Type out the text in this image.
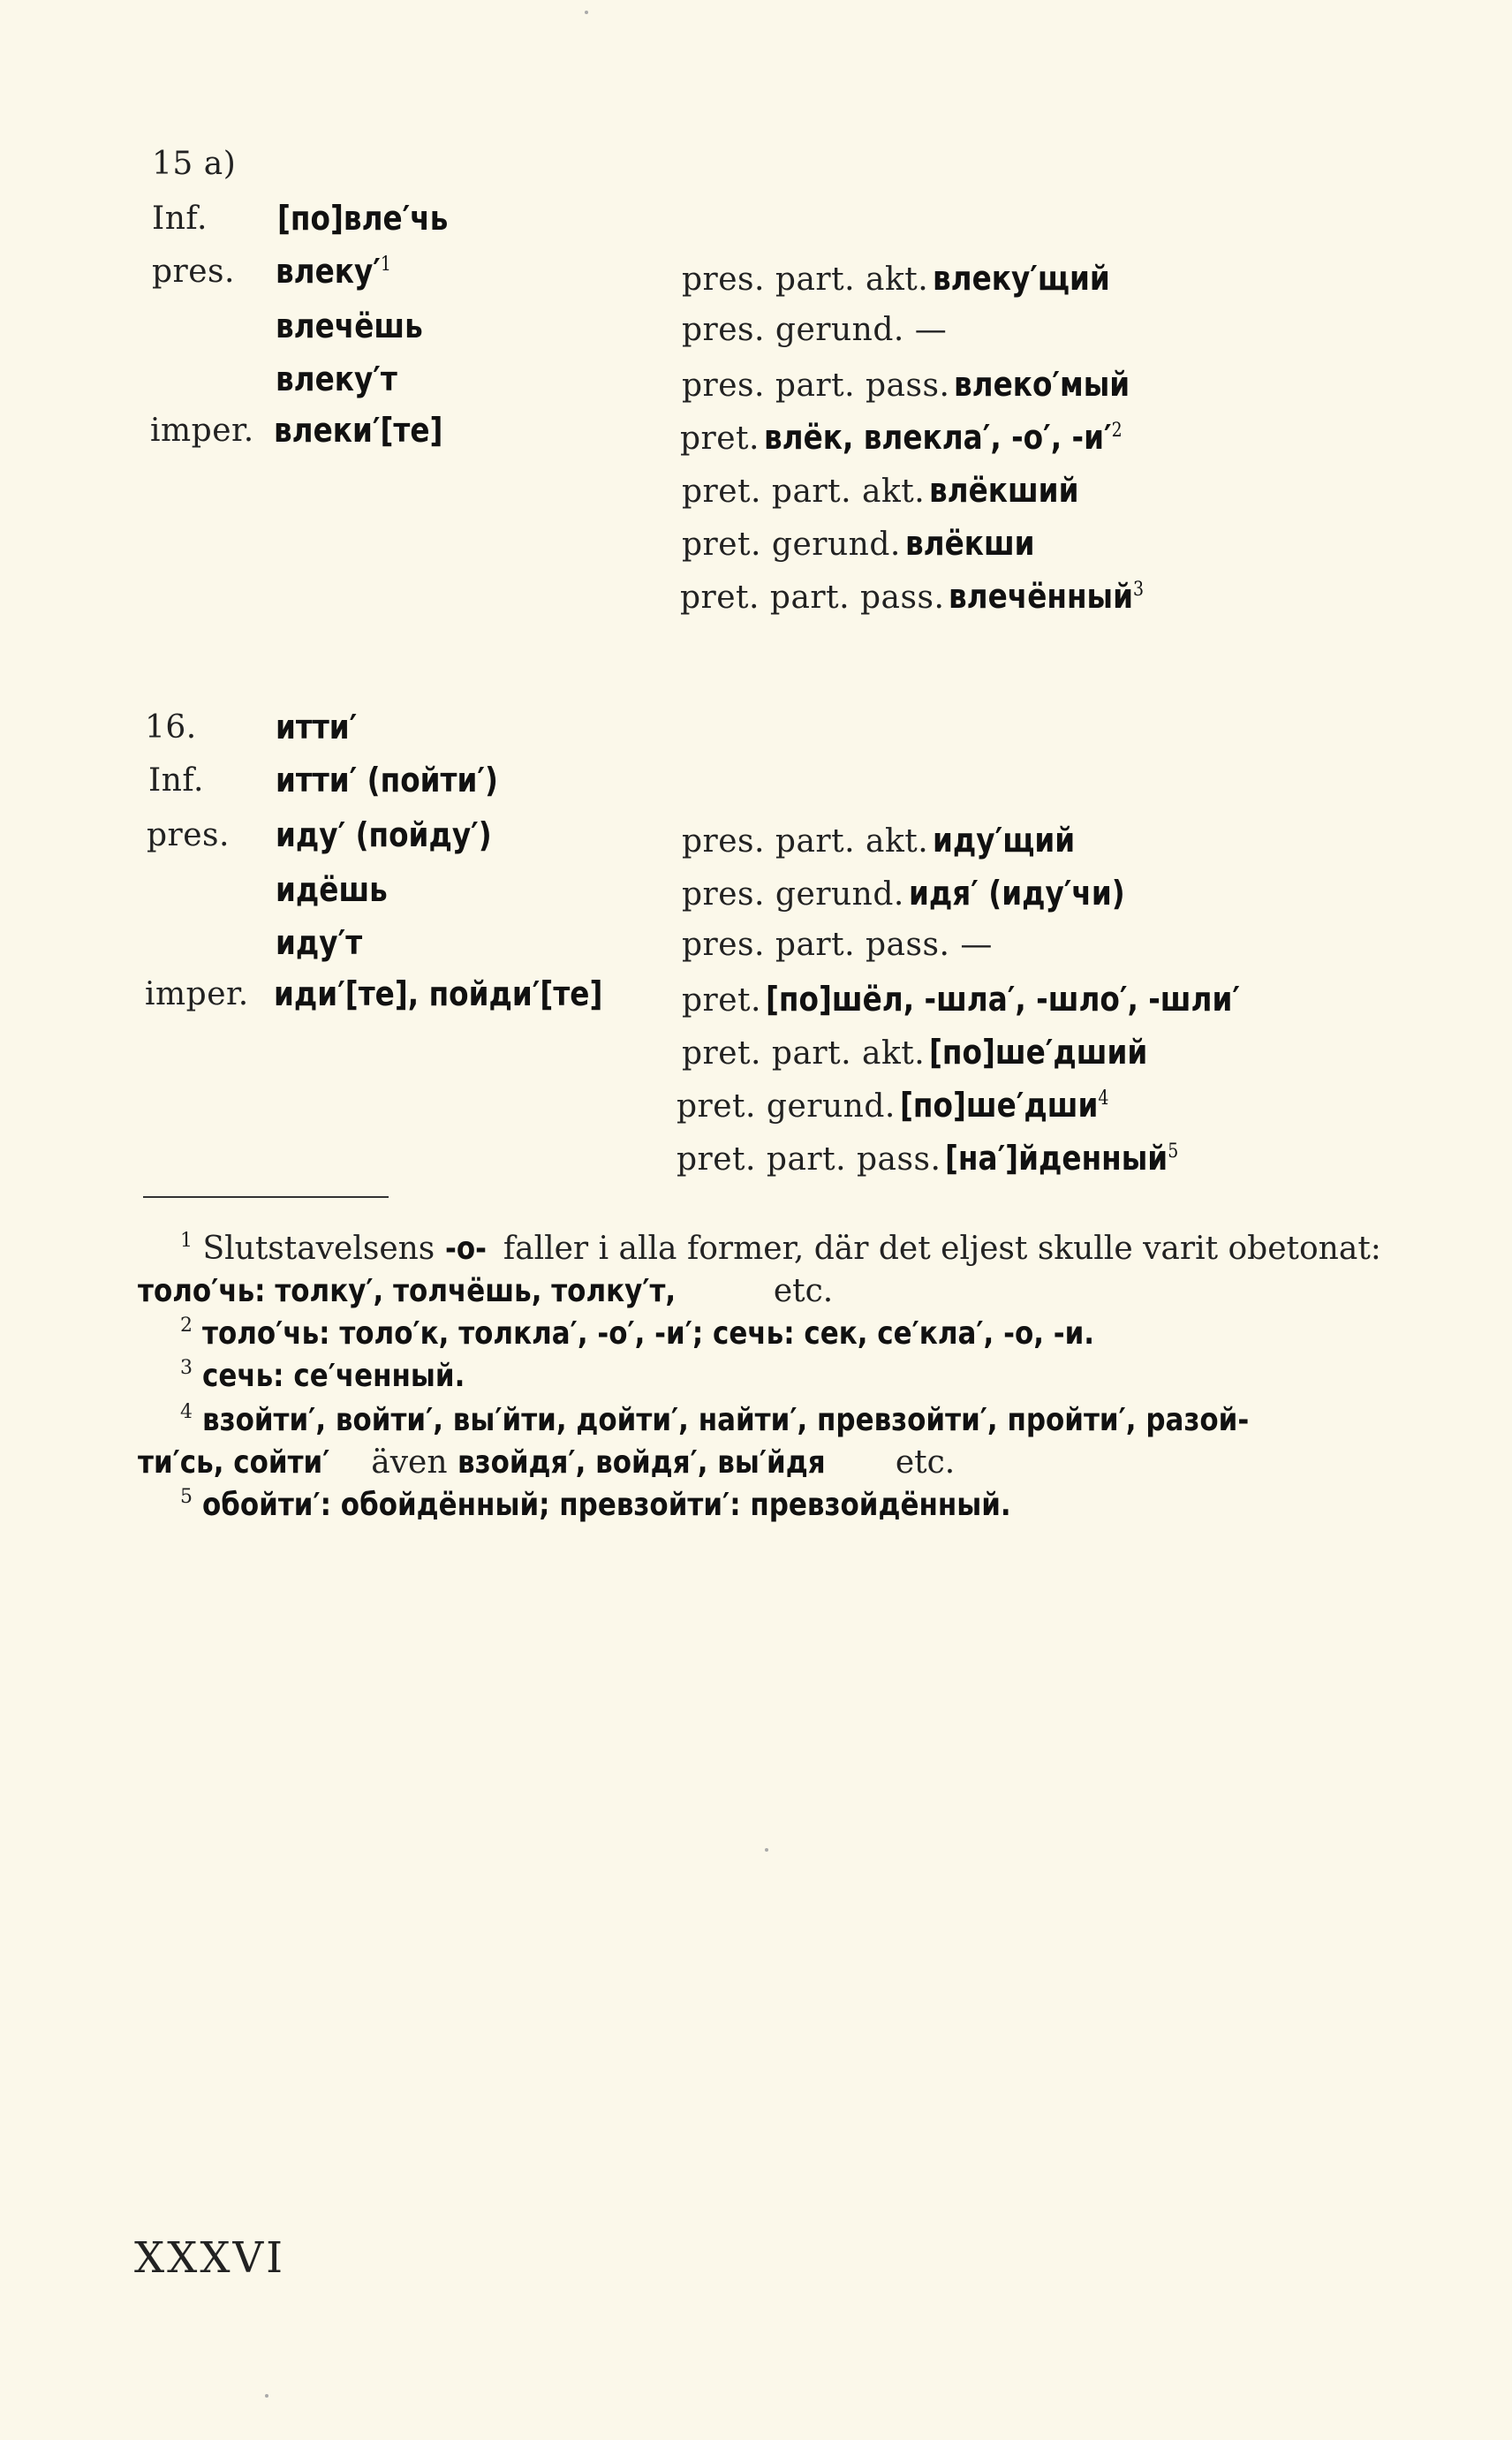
15 a)
Inf. [по]вле′чь
pres. $влеку'^1$
влечёшь
влеку′т
imper. влеки′[те]
pres. part. akt. влеку′щий
pres. gerund. —
pres. part. pass. влеко′мый
pret. влёк, влекла′, -о′, $-и'^2$
pret. part. akt. влёкший
pret. gerund. влёкши
pret. part. pass. влечённый$^3$
16. итти′
Inf. итти′ (пойти′)
pres. иду′ (пойду′)
идёшь
иду′т
imper. иди′[те], пойди′[те]
pres. part. akt. иду′щий
pres. gerund. идя′ (иду′чи)
pres. part. pass. —
pret. [по]шёл, -шла′, -шло′, -шли′
pret. part. akt. [по]ше′дший
pret. gerund. [по]ше′дши$^4$
pret. part. pass. [на′]йденный$^5$
$^1$ Slutstavelsens -о- faller i alla former, där det eljest skulle varit obetonat:
толо′чь: толку′, толчёшь, толку′т,	etc.
$^2$ толо′чь: толо′к, толкла′, -о′, -и′; сечь: сек, се′кла′, -о, -и.
$^3$ сечь: се′ченный.
$^4$ взойти′, войти′, вы′йти, дойти′, найти′, превзойти′, пройти′, разой-
ти′сь, сойти′ även взойдя′, войдя′, вы′йдя etc.
$^5$ обойти′: обойдённый; превзойти′: превзойдённый.
XXXVI
